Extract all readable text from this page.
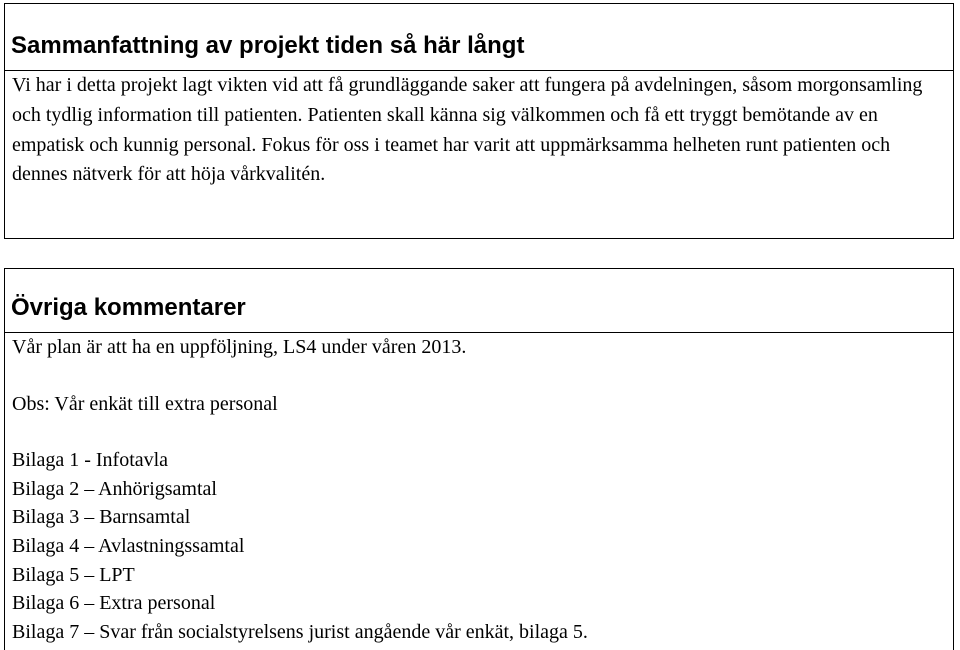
Sammanfattning av projekt tiden så här långt

Vi har i detta projekt lagt vikten vid att få grundläggande saker att fungera på avdelningen, såsom morgonsamling och tydlig information till patienten. Patienten skall känna sig välkommen och få ett tryggt bemötande av en empatisk och kunnig personal. Fokus för oss i teamet har varit att uppmärksamma helheten runt patienten och dennes nätverk för att höja vårkvalitén.

Övriga kommentarer
Vår plan är att ha en uppföljning, LS4 under våren 2013.
Obs: Vår enkät till extra personal
Bilaga 1 - Infotavla
Bilaga 2 – Anhörigsamtal
Bilaga 3 – Barnsamtal
Bilaga 4 – Avlastningssamtal
Bilaga 5 – LPT
Bilaga 6 – Extra personal
Bilaga 7 – Svar från socialstyrelsens jurist angående vår enkät, bilaga 5.
